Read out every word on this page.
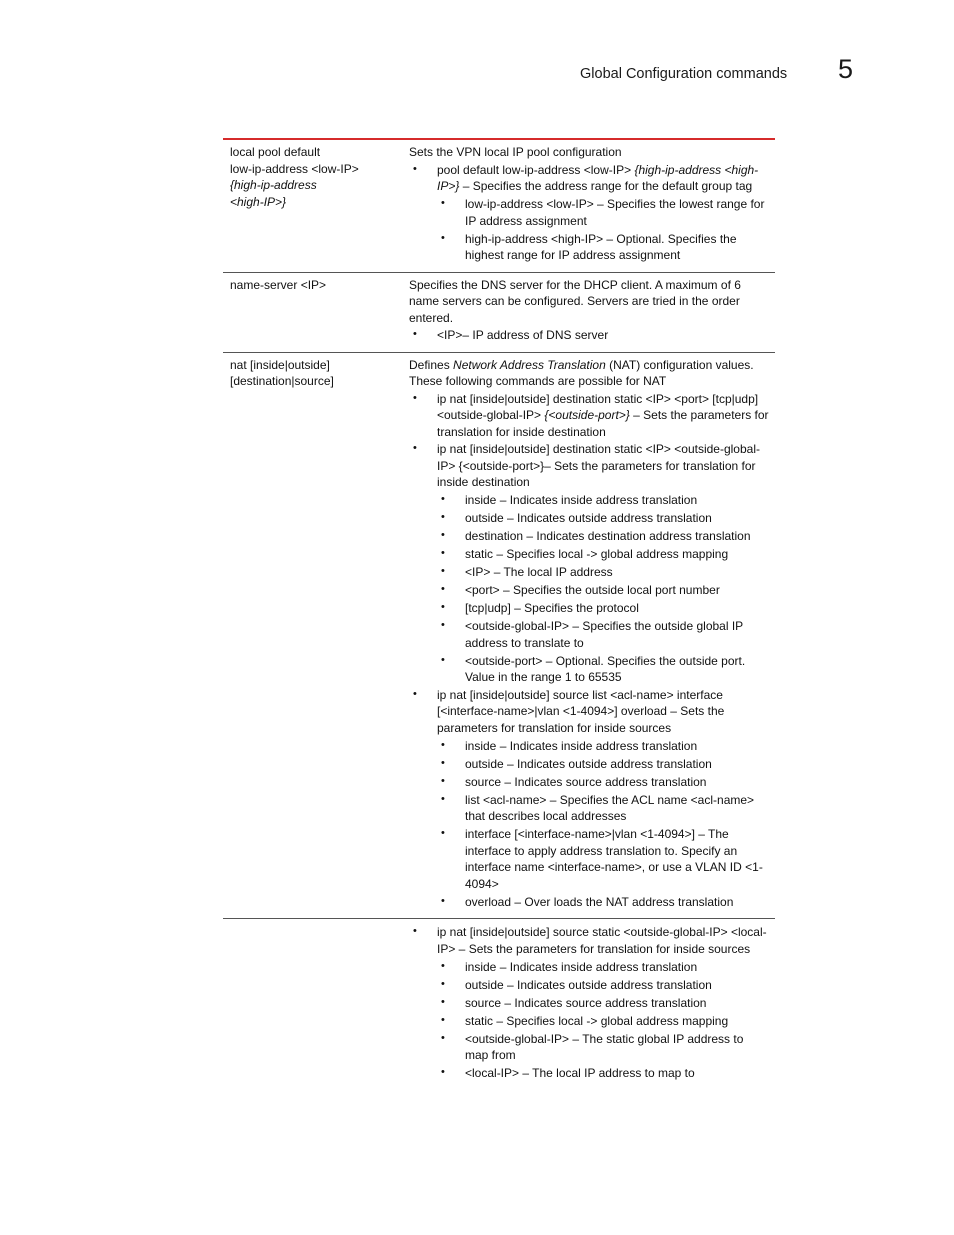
Global Configuration commands 5
local pool default
low-ip-address <low-IP>
{high-ip-address
<high-IP>}

Sets the VPN local IP pool configuration

• pool default low-ip-address <low-IP> {high-ip-address <high-IP>} – Specifies the address range for the default group tag
• low-ip-address <low-IP> – Specifies the lowest range for IP address assignment
• high-ip-address <high-IP> – Optional. Specifies the highest range for IP address assignment
name-server <IP>	Specifies the DNS server for the DHCP client. A maximum of 6 name servers can be configured. Servers are tried in the order entered.

• <IP>– IP address of DNS server
nat [inside|outside]
[destination|source]

Defines Network Address Translation (NAT) configuration values. These following commands are possible for NAT

• ip nat [inside|outside] destination static <IP> <port> [tcp|udp] <outside-global-IP> {<outside-port>} – Sets the parameters for translation for inside destination
• ip nat [inside|outside] destination static <IP> <outside-global-IP> {<outside-port>}– Sets the parameters for translation for inside destination
• inside – Indicates inside address translation
• outside – Indicates outside address translation
• destination – Indicates destination address translation
• static – Specifies local -> global address mapping
• <IP> – The local IP address
• <port> – Specifies the outside local port number
• [tcp|udp] – Specifies the protocol
• <outside-global-IP> – Specifies the outside global IP address to translate to
• <outside-port> – Optional. Specifies the outside port. Value in the range 1 to 65535
• ip nat [inside|outside] source list <acl-name> interface [<interface-name>|vlan <1-4094>] overload – Sets the parameters for translation for inside sources
• inside – Indicates inside address translation
• outside – Indicates outside address translation
• source – Indicates source address translation
• list <acl-name> – Specifies the ACL name <acl-name> that describes local addresses
• interface [<interface-name>|vlan <1-4094>] – The interface to apply address translation to. Specify an interface name <interface-name>, or use a VLAN ID <1-4094>
• overload – Over loads the NAT address translation
• ip nat [inside|outside] source static <outside-global-IP> <local-IP> – Sets the parameters for translation for inside sources
• inside – Indicates inside address translation
• outside – Indicates outside address translation
• source – Indicates source address translation
• static – Specifies local -> global address mapping
• <outside-global-IP> – The static global IP address to map from
• <local-IP> – The local IP address to map to
